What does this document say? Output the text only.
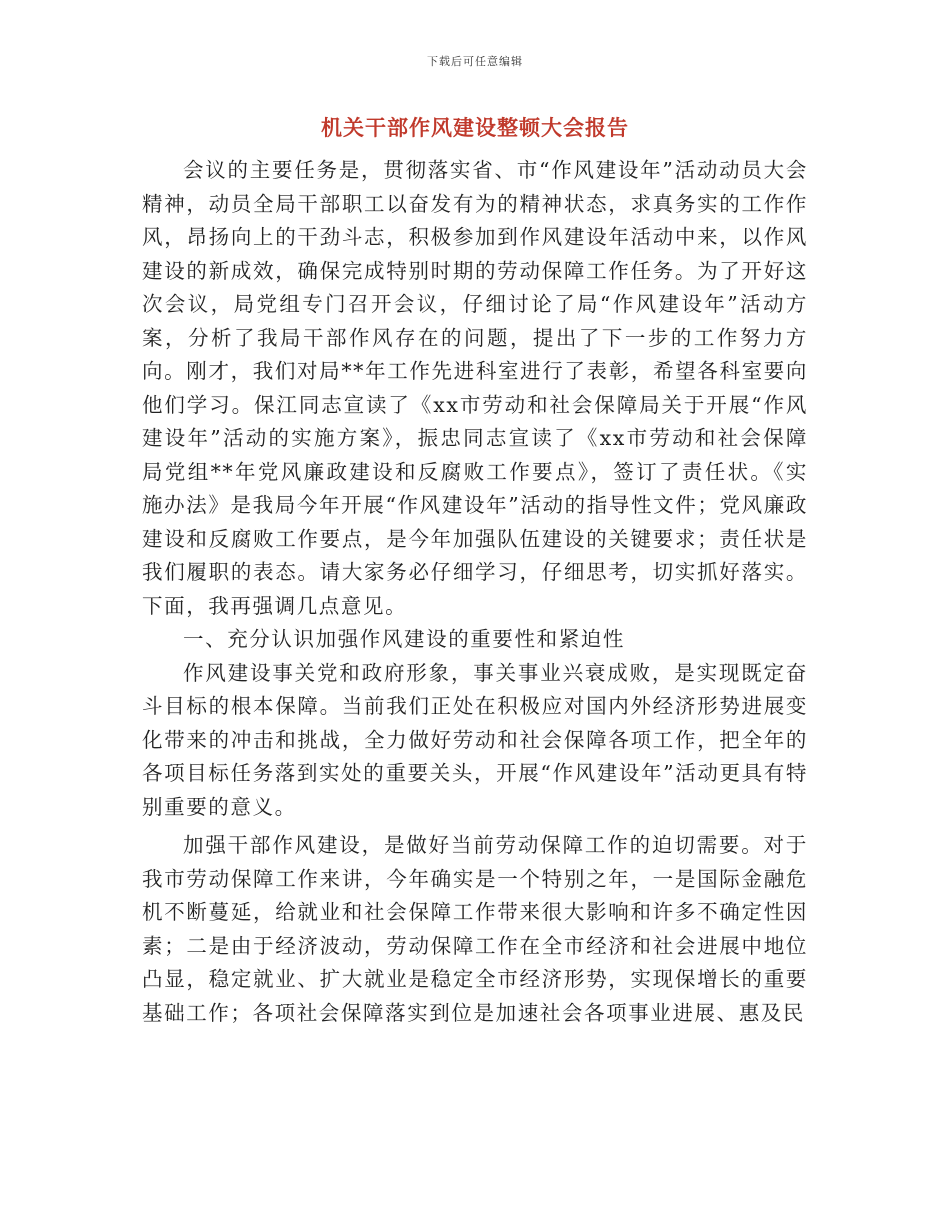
下载后可任意编辑
机关干部作风建设整顿大会报告

会议的主要任务是，贯彻落实省、市“作风建设年”活动动员大会精神，动员全局干部职工以奋发有为的精神状态，求真务实的工作作风，昂扬向上的干劲斗志，积极参加到作风建设年活动中来，以作风建设的新成效，确保完成特别时期的劳动保障工作任务。为了开好这次会议，局党组专门召开会议，仔细讨论了局“作风建设年”活动方案，分析了我局干部作风存在的问题，提出了下一步的工作努力方向。刚才，我们对局**年工作先进科室进行了表彰，希望各科室要向他们学习。保江同志宣读了《xx市劳动和社会保障局关于开展“作风建设年”活动的实施方案》，振忠同志宣读了《xx市劳动和社会保障局党组**年党风廉政建设和反腐败工作要点》，签订了责任状。《实施办法》是我局今年开展“作风建设年”活动的指导性文件；党风廉政建设和反腐败工作要点，是今年加强队伍建设的关键要求；责任状是我们履职的表态。请大家务必仔细学习，仔细思考，切实抓好落实。下面，我再强调几点意见。

一、充分认识加强作风建设的重要性和紧迫性

作风建设事关党和政府形象，事关事业兴衰成败，是实现既定奋斗目标的根本保障。当前我们正处在积极应对国内外经济形势进展变化带来的冲击和挑战，全力做好劳动和社会保障各项工作，把全年的各项目标任务落到实处的重要关头，开展“作风建设年”活动更具有特别重要的意义。

加强干部作风建设，是做好当前劳动保障工作的迫切需要。对于我市劳动保障工作来讲，今年确实是一个特别之年，一是国际金融危机不断蔓延，给就业和社会保障工作带来很大影响和许多不确定性因素；二是由于经济波动，劳动保障工作在全市经济和社会进展中地位凸显，稳定就业、扩大就业是稳定全市经济形势，实现保增长的重要基础工作；各项社会保障落实到位是加速社会各项事业进展、惠及民
